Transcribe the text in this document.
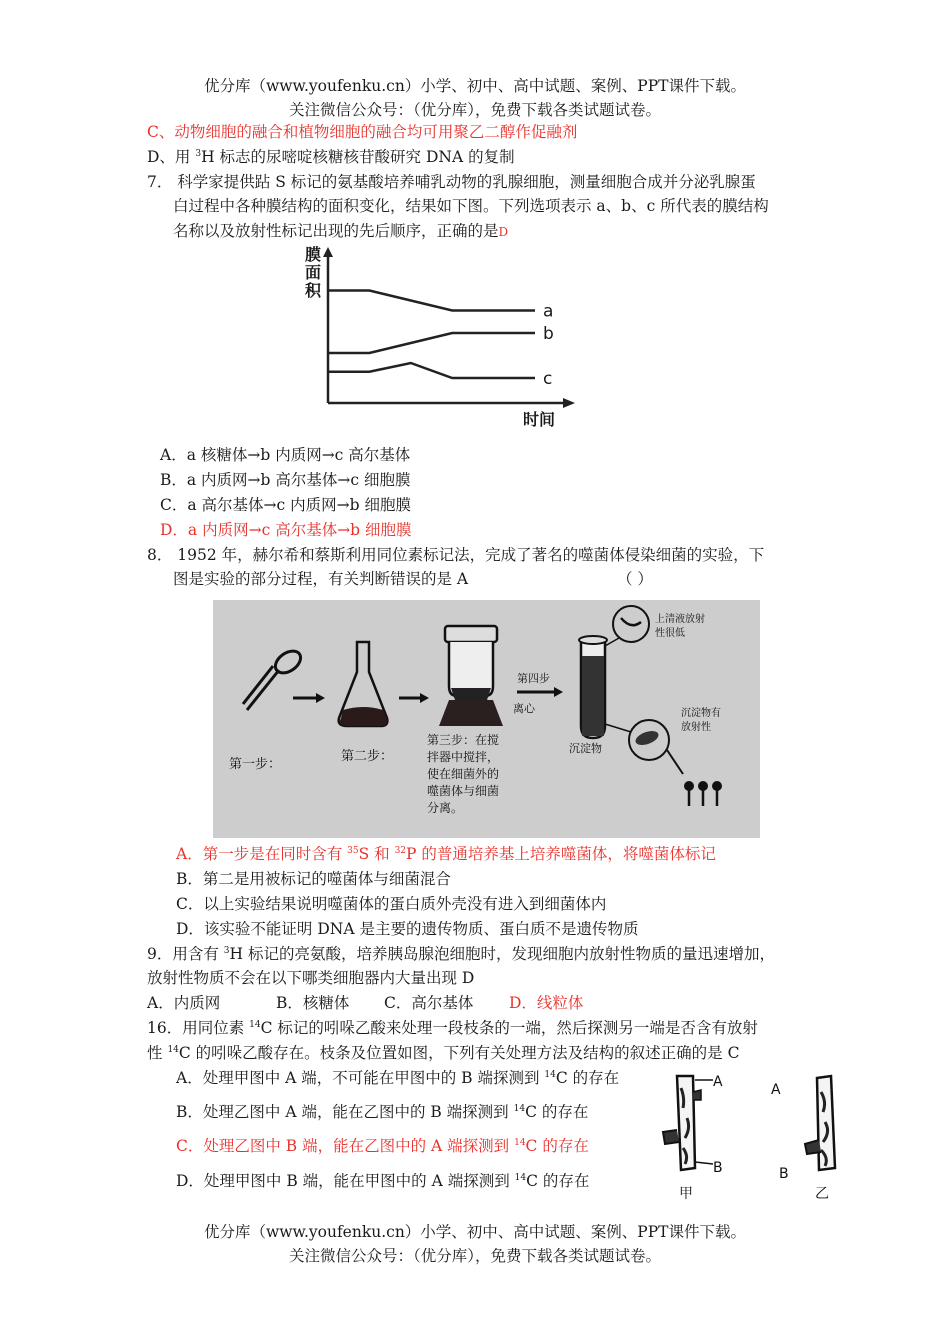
优分库（www.youfenku.cn）小学、初中、高中试题、案例、PPT课件下载。
关注微信公众号：（优分库），免费下载各类试题试卷。
C、动物细胞的融合和植物细胞的融合均可用聚乙二醇作促融剂
D、用 $^3$H 标志的尿嘧啶核糖核苷酸研究 DNA 的复制
7． 科学家提供跕 S 标记的氨基酸培养哺乳动物的乳腺细胞，测量细胞合成并分泌乳腺蛋
白过程中各种膜结构的面积变化，结果如下图。下列选项表示 a、b、c 所代表的膜结构
名称以及放射性标记出现的先后顺序，正确的是D
膜
面
积
时间
a
b
c
A．a 核糖体→b 内质网→c 高尔基体
B．a 内质网→b 高尔基体→c 细胞膜
C．a 高尔基体→c 内质网→b 细胞膜
D．a 内质网→c 高尔基体→b 细胞膜
8． 1952 年，赫尔希和蔡斯利用同位素标记法，完成了著名的噬菌体侵染细菌的实验，下
图是实验的部分过程，有关判断错误的是 A	（ ）
第一步：
第二步：
第三步：在搅
拌器中搅拌，
使在细菌外的
噬菌体与细菌
分离。
第四步
离心
沉淀物
上清液放射
性很低
沉淀物有
放射性
A．第一步是在同时含有 $^{35}$S 和 $^{32}$P 的普通培养基上培养噬菌体，将噬菌体标记
B．第二是用被标记的噬菌体与细菌混合
C．以上实验结果说明噬菌体的蛋白质外壳没有进入到细菌体内
D．该实验不能证明 DNA 是主要的遗传物质、蛋白质不是遗传物质
9．用含有 $^3$H 标记的亮氨酸，培养胰岛腺泡细胞时，发现细胞内放射性物质的量迅速增加，
放射性物质不会在以下哪类细胞器内大量出现 D
A．内质网	B．核糖体 C．高尔基体 D．线粒体
16．用同位素 $^{14}$C 标记的吲哚乙酸来处理一段枝条的一端，然后探测另一端是否含有放射
性 $^{14}$C 的吲哚乙酸存在。枝条及位置如图，下列有关处理方法及结构的叙述正确的是 C
A．处理甲图中 A 端，不可能在甲图中的 B 端探测到 $^{14}$C 的存在
B．处理乙图中 A 端，能在乙图中的 B 端探测到 $^{14}$C 的存在
C．处理乙图中 B 端，能在乙图中的 A 端探测到 $^{14}$C 的存在
D．处理甲图中 B 端，能在甲图中的 A 端探测到 $^{14}$C 的存在
A
B
甲
A
B
乙
优分库（www.youfenku.cn）小学、初中、高中试题、案例、PPT课件下载。
关注微信公众号：（优分库），免费下载各类试题试卷。
